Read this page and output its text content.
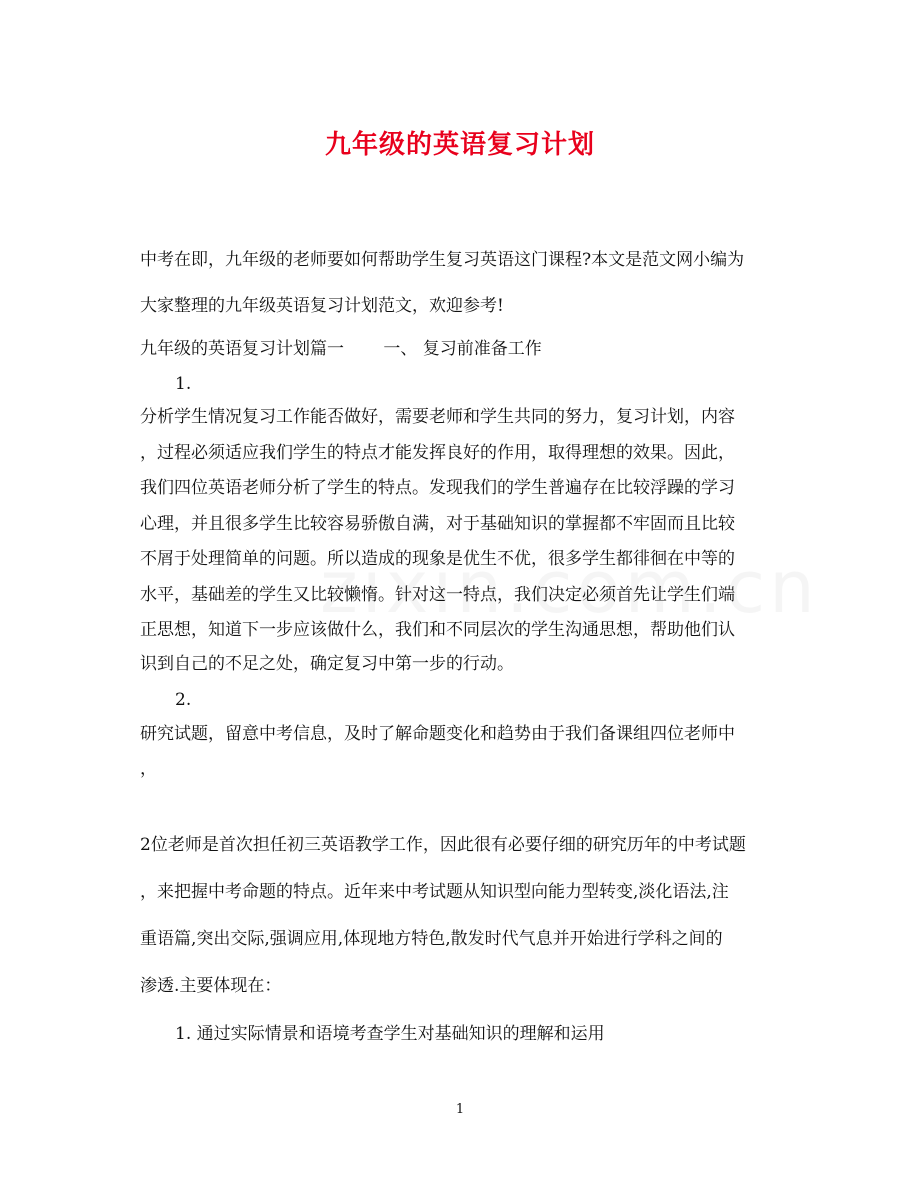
九年级的英语复习计划
中考在即，九年级的老师要如何帮助学生复习英语这门课程?本文是范文网小编为
大家整理的九年级英语复习计划范文，欢迎参考!
九年级的英语复习计划篇一　　 一、 复习前准备工作
1.
分析学生情况复习工作能否做好，需要老师和学生共同的努力，复习计划，内容
，过程必须适应我们学生的特点才能发挥良好的作用，取得理想的效果。因此，
我们四位英语老师分析了学生的特点。发现我们的学生普遍存在比较浮躁的学习
心理，并且很多学生比较容易骄傲自满，对于基础知识的掌握都不牢固而且比较
不屑于处理简单的问题。所以造成的现象是优生不优，很多学生都徘徊在中等的
水平，基础差的学生又比较懒惰。针对这一特点，我们决定必须首先让学生们端
正思想，知道下一步应该做什么，我们和不同层次的学生沟通思想，帮助他们认
识到自己的不足之处，确定复习中第一步的行动。
2.
研究试题，留意中考信息，及时了解命题变化和趋势由于我们备课组四位老师中
，
2位老师是首次担任初三英语教学工作，因此很有必要仔细的研究历年的中考试题
，来把握中考命题的特点。近年来中考试题从知识型向能力型转变,淡化语法,注
重语篇,突出交际,强调应用,体现地方特色,散发时代气息并开始进行学科之间的
渗透.主要体现在：
1. 通过实际情景和语境考查学生对基础知识的理解和运用
1
